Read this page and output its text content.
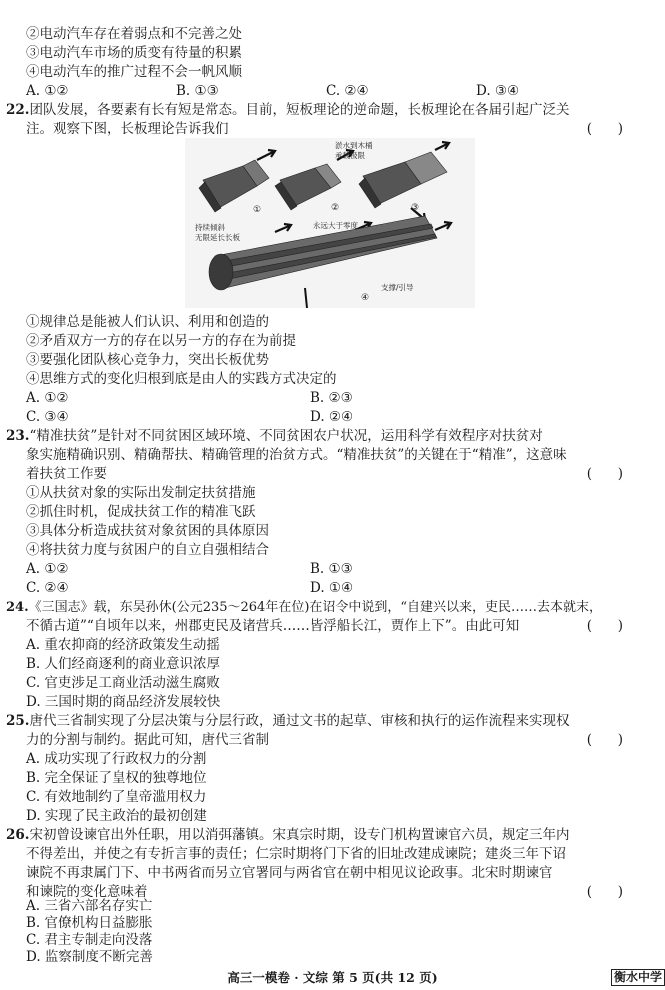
②电动汽车存在着弱点和不完善之处
③电动汽车市场的质变有待量的积累
④电动汽车的推广过程不会一帆风顺
A. ①②	B. ①③	C. ②④	D. ③④
22.团队发展，各要素有长有短是常态。目前，短板理论的逆命题，长板理论在各届引起广泛关
注。观察下图，长板理论告诉我们	(      )
淤水到木桶
承载极限
持续倾斜
无限延长长板
永远大于零度
支撑/引导
①	②	③
④
①规律总是能被人们认识、利用和创造的
②矛盾双方一方的存在以另一方的存在为前提
③要强化团队核心竞争力，突出长板优势
④思维方式的变化归根到底是由人的实践方式决定的
A. ①②	B. ②③
C. ③④	D. ②④
23.“精准扶贫”是针对不同贫困区域环境、不同贫困农户状况，运用科学有效程序对扶贫对
象实施精确识别、精确帮扶、精确管理的治贫方式。“精准扶贫”的关键在于“精准”，这意味
着扶贫工作要	(      )
①从扶贫对象的实际出发制定扶贫措施
②抓住时机，促成扶贫工作的精准飞跃
③具体分析造成扶贫对象贫困的具体原因
④将扶贫力度与贫困户的自立自强相结合
A. ①②	B. ①③
C. ②④	D. ①④
24.《三国志》载，东吴孙休(公元235～264年在位)在诏令中说到，“自建兴以来，吏民……去本就末，
不循古道”“自顷年以来，州郡吏民及诸营兵……皆浮船长江，贾作上下”。由此可知	(      )
A. 重农抑商的经济政策发生动摇
B. 人们经商逐利的商业意识浓厚
C. 官吏涉足工商业活动滋生腐败
D. 三国时期的商品经济发展较快
25.唐代三省制实现了分层决策与分层行政，通过文书的起草、审核和执行的运作流程来实现权
力的分割与制约。据此可知，唐代三省制	(      )
A. 成功实现了行政权力的分割
B. 完全保证了皇权的独尊地位
C. 有效地制约了皇帝滥用权力
D. 实现了民主政治的最初创建
26.宋初曾设谏官出外任职，用以消弭藩镇。宋真宗时期，设专门机构置谏官六员，规定三年内
不得差出，并使之有专折言事的责任；仁宗时期将门下省的旧址改建成谏院；建炎三年下诏
谏院不再隶属门下、中书两省而另立官署同与两省官在朝中相见议论政事。北宋时期谏官
和谏院的变化意味着	(      )
A. 三省六部名存实亡
B. 官僚机构日益膨胀
C. 君主专制走向没落
高三一模卷 · 文综 第 5 页(共 12 页)	衡水中学
D. 监察制度不断完善
